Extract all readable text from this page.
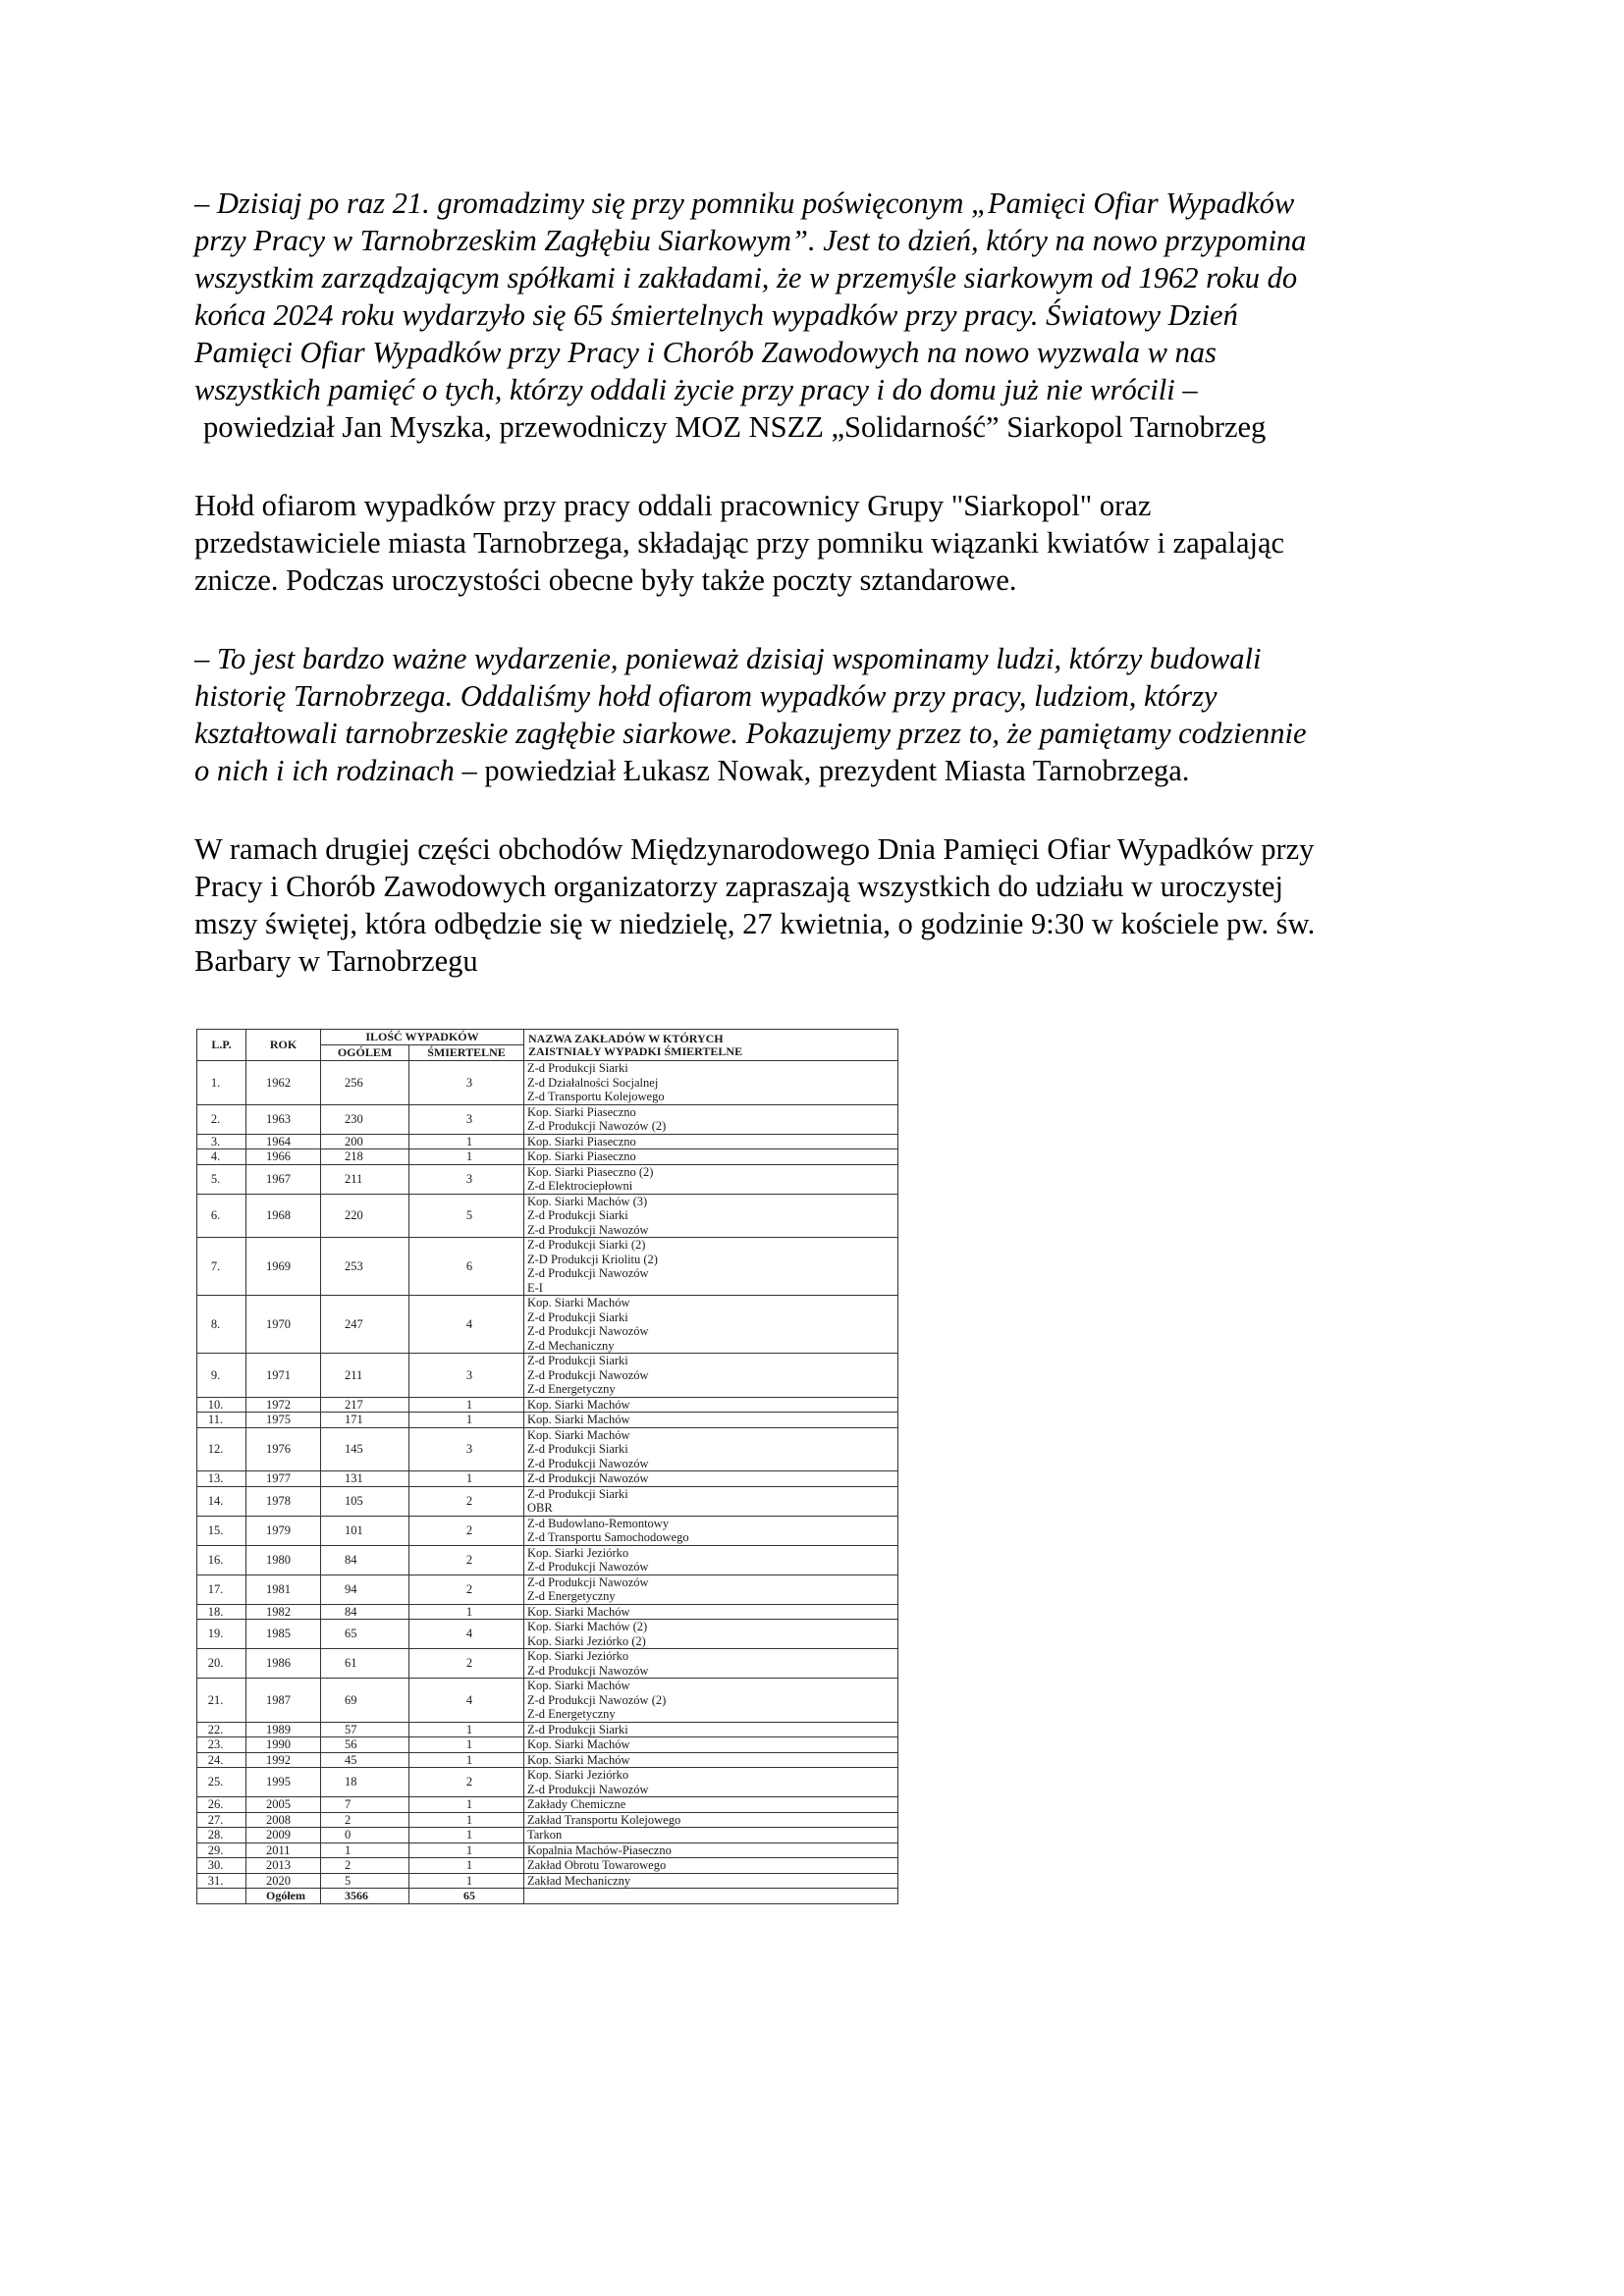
– Dzisiaj po raz 21. gromadzimy się przy pomniku poświęconym „Pamięci Ofiar Wypadków
przy Pracy w Tarnobrzeskim Zagłębiu Siarkowym”. Jest to dzień, który na nowo przypomina
wszystkim zarządzającym spółkami i zakładami, że w przemyśle siarkowym od 1962 roku do
końca 2024 roku wydarzyło się 65 śmiertelnych wypadków przy pracy. Światowy Dzień
Pamięci Ofiar Wypadków przy Pracy i Chorób Zawodowych na nowo wyzwala w nas
wszystkich pamięć o tych, którzy oddali życie przy pracy i do domu już nie wrócili –

powiedział Jan Myszka, przewodniczy MOZ NSZZ „Solidarność” Siarkopol Tarnobrzeg

Hołd ofiarom wypadków przy pracy oddali pracownicy Grupy "Siarkopol" oraz
przedstawiciele miasta Tarnobrzega, składając przy pomniku wiązanki kwiatów i zapalając
znicze. Podczas uroczystości obecne były także poczty sztandarowe.

– To jest bardzo ważne wydarzenie, ponieważ dzisiaj wspominamy ludzi, którzy budowali
historię Tarnobrzega. Oddaliśmy hołd ofiarom wypadków przy pracy, ludziom, którzy
kształtowali tarnobrzeskie zagłębie siarkowe. Pokazujemy przez to, że pamiętamy codziennie
o nich i ich rodzinach – powiedział Łukasz Nowak, prezydent Miasta Tarnobrzega.

W ramach drugiej części obchodów Międzynarodowego Dnia Pamięci Ofiar Wypadków przy
Pracy i Chorób Zawodowych organizatorzy zapraszają wszystkich do udziału w uroczystej
mszy świętej, która odbędzie się w niedzielę, 27 kwietnia, o godzinie 9:30 w kościele pw. św.
Barbary w Tarnobrzegu

L.P.	ROK	ILOŚĆ WYPADKÓW		NAZWA ZAKŁADÓW W KTÓRYCH
ZAISTNIAŁY WYPADKI ŚMIERTELNE

		OGÓLEM	ŚMIERTELNE	
1.	1962	256	3	Z-d Produkcji Siarki
Z-d Działalności Socjalnej
Z-d Transportu Kolejowego

2.	1963	230	3	Kop. Siarki Piaseczno
Z-d Produkcji Nawozów (2)

3.	1964	200	1	Kop. Siarki Piaseczno

4.	1966	218	1	Kop. Siarki Piaseczno

5.	1967	211	3	Kop. Siarki Piaseczno (2)
Z-d Elektrociepłowni

6.	1968	220	5	Kop. Siarki Machów (3)
Z-d Produkcji Siarki
Z-d Produkcji Nawozów

7.	1969	253	6	Z-d Produkcji Siarki (2)
Z-D Produkcji Kriolitu (2)
Z-d Produkcji Nawozów
E-I

8.	1970	247	4	Kop. Siarki Machów
Z-d Produkcji Siarki
Z-d Produkcji Nawozów
Z-d Mechaniczny

9.	1971	211	3	Z-d Produkcji Siarki
Z-d Produkcji Nawozów
Z-d Energetyczny

10.	1972	217	1	Kop. Siarki Machów

11.	1975	171	1	Kop. Siarki Machów

12.	1976	145	3	Kop. Siarki Machów
Z-d Produkcji Siarki
Z-d Produkcji Nawozów

13.	1977	131	1	Z-d Produkcji Nawozów

14.	1978	105	2	Z-d Produkcji Siarki
OBR

15.	1979	101	2	Z-d Budowlano-Remontowy
Z-d Transportu Samochodowego

16.	1980	84	2	Kop. Siarki Jeziórko
Z-d Produkcji Nawozów

17.	1981	94	2	Z-d Produkcji Nawozów
Z-d Energetyczny

18.	1982	84	1	Kop. Siarki Machów

19.	1985	65	4	Kop. Siarki Machów (2)
Kop. Siarki Jeziórko (2)

20.	1986	61	2	Kop. Siarki Jeziórko
Z-d Produkcji Nawozów

21.	1987	69	4	Kop. Siarki Machów
Z-d Produkcji Nawozów (2)
Z-d Energetyczny

22.	1989	57	1	Z-d Produkcji Siarki

23.	1990	56	1	Kop. Siarki Machów

24.	1992	45	1	Kop. Siarki Machów

25.	1995	18	2	Kop. Siarki Jeziórko
Z-d Produkcji Nawozów

26.	2005	7	1	Zakłady Chemiczne

27.	2008	2	1	Zakład Transportu Kolejowego

28.	2009	0	1	Tarkon

29.	2011	1	1	Kopalnia Machów-Piaseczno

30.	2013	2	1	Zakład Obrotu Towarowego

31.	2020	5	1	Zakład Mechaniczny

	Ogółem	3566	65	
